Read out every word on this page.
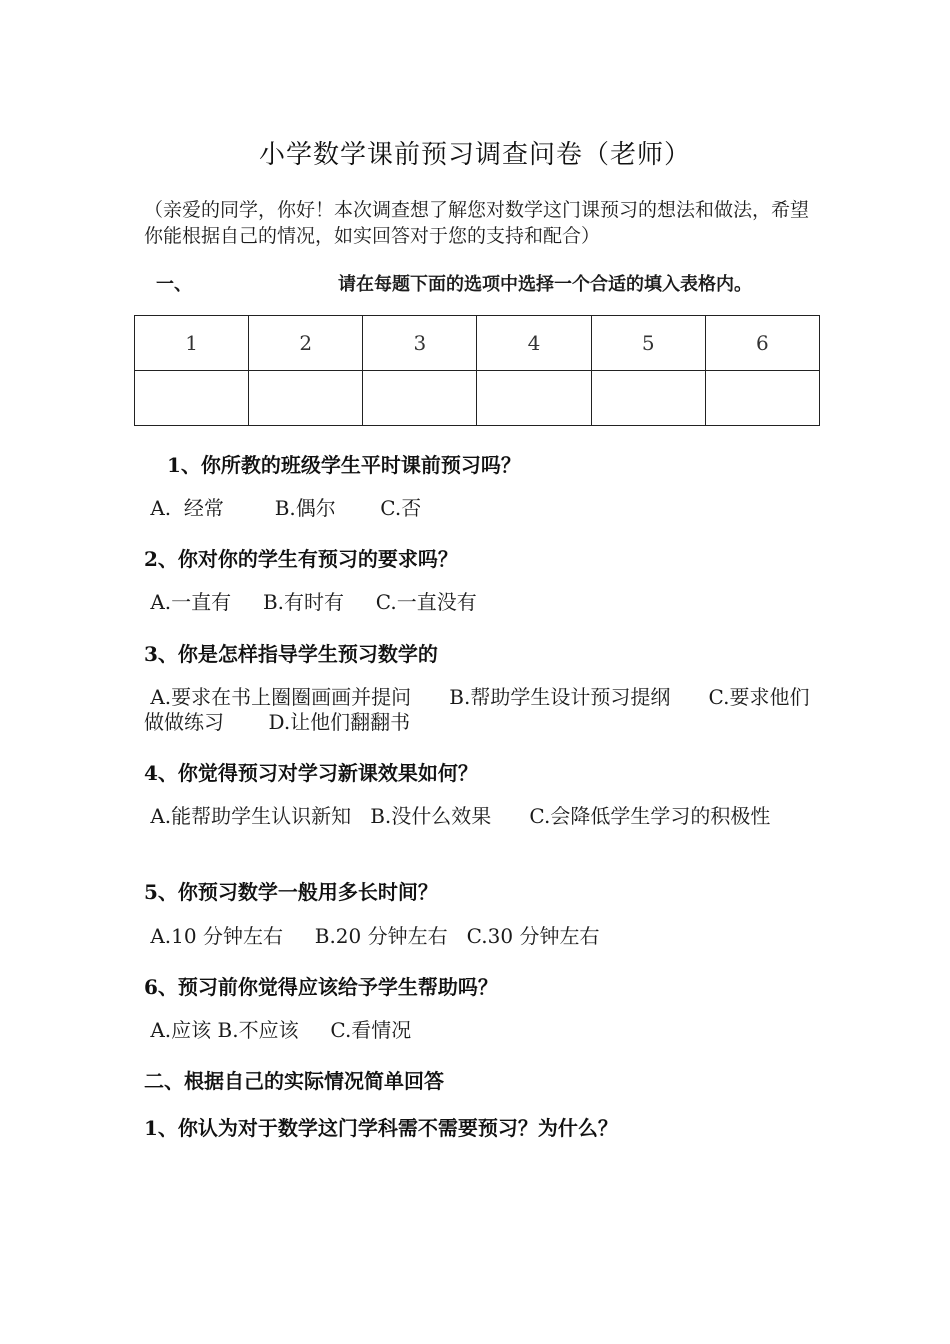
小学数学课前预习调查问卷（老师）
（亲爱的同学，你好！本次调查想了解您对数学这门课预习的想法和做法，希望你能根据自己的情况，如实回答对于您的支持和配合）
一、	请在每题下面的选项中选择一个合适的填入表格内。
1	2	3	4	5	6

1、你所教的班级学生平时课前预习吗？
A.  经常        B.偶尔       C.否
2、你对你的学生有预习的要求吗？
A.一直有     B.有时有     C.一直没有
3、你是怎样指导学生预习数学的
A.要求在书上圈圈画画并提问      B.帮助学生设计预习提纲      C.要求他们做做练习       D.让他们翻翻书
4、你觉得预习对学习新课效果如何？
A.能帮助学生认识新知   B.没什么效果      C.会降低学生学习的积极性
5、你预习数学一般用多长时间？
A.10 分钟左右     B.20 分钟左右   C.30 分钟左右
6、预习前你觉得应该给予学生帮助吗？
A.应该 B.不应该     C.看情况
二、根据自己的实际情况简单回答
1、你认为对于数学这门学科需不需要预习？为什么？
